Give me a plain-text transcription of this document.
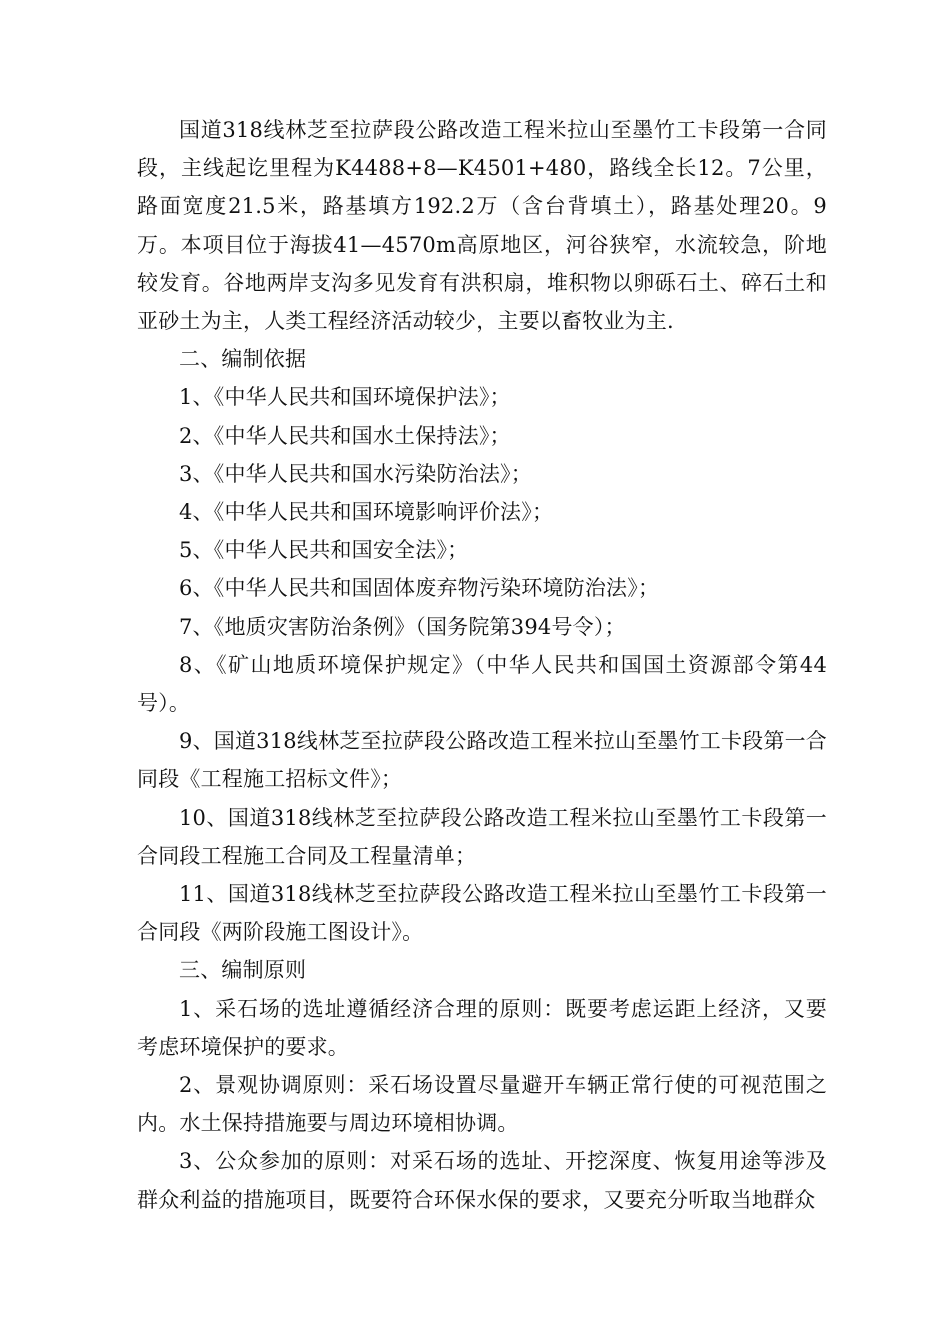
国道318线林芝至拉萨段公路改造工程米拉山至墨竹工卡段第一合同段，主线起讫里程为K4488+8—K4501+480，路线全长12。7公里，路面宽度21.5米，路基填方192.2万（含台背填土），路基处理20。9万。本项目位于海拔41—4570m高原地区，河谷狭窄，水流较急，阶地较发育。谷地两岸支沟多见发育有洪积扇，堆积物以卵砾石土、碎石土和亚砂土为主，人类工程经济活动较少，主要以畜牧业为主.

二、编制依据

1、《中华人民共和国环境保护法》；

2、《中华人民共和国水土保持法》；

3、《中华人民共和国水污染防治法》；

4、《中华人民共和国环境影响评价法》；

5、《中华人民共和国安全法》；

6、《中华人民共和国固体废弃物污染环境防治法》；

7、《地质灾害防治条例》（国务院第394号令）；

8、《矿山地质环境保护规定》（中华人民共和国国土资源部令第44号）。

9、国道318线林芝至拉萨段公路改造工程米拉山至墨竹工卡段第一合同段《工程施工招标文件》；

10、国道318线林芝至拉萨段公路改造工程米拉山至墨竹工卡段第一合同段工程施工合同及工程量清单；

11、国道318线林芝至拉萨段公路改造工程米拉山至墨竹工卡段第一合同段《两阶段施工图设计》。

三、编制原则

1、采石场的选址遵循经济合理的原则：既要考虑运距上经济，又要考虑环境保护的要求。

2、景观协调原则：采石场设置尽量避开车辆正常行使的可视范围之内。水土保持措施要与周边环境相协调。

3、公众参加的原则：对采石场的选址、开挖深度、恢复用途等涉及群众利益的措施项目，既要符合环保水保的要求，又要充分听取当地群众
